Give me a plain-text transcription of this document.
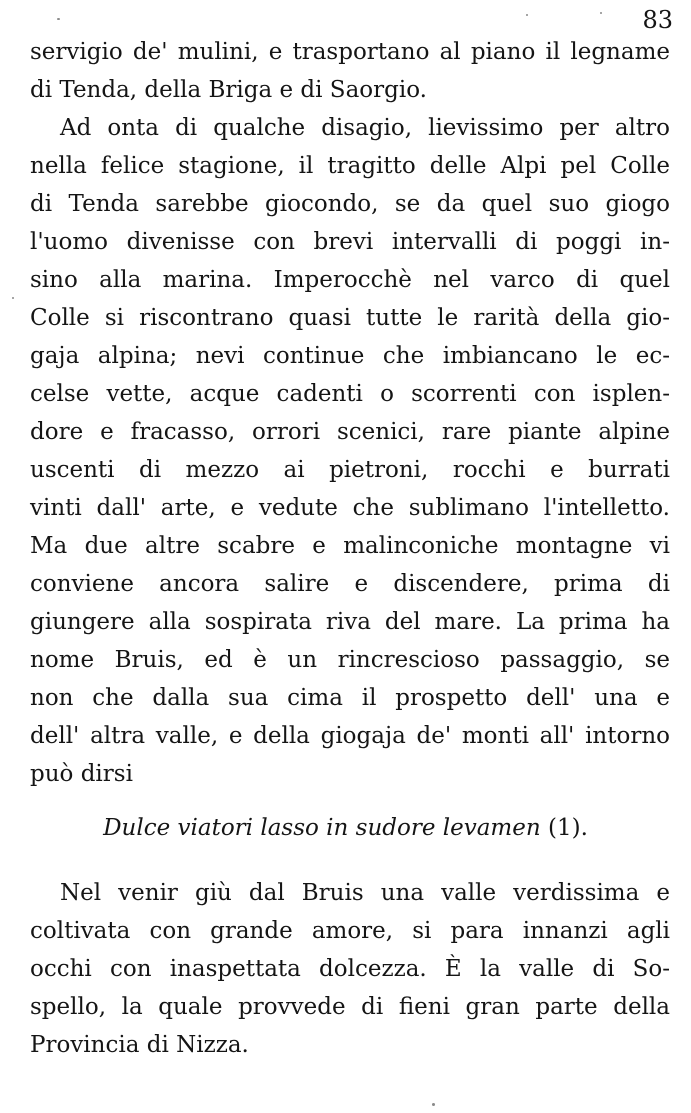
83
servigio de' mulini, e trasportano al piano il legname
di Tenda, della Briga e di Saorgio.
Ad onta di qualche disagio, lievissimo per altro
nella felice stagione, il tragitto delle Alpi pel Colle
di Tenda sarebbe giocondo, se da quel suo giogo
l'uomo divenisse con brevi intervalli di poggi in-
sino alla marina. Imperocchè nel varco di quel
Colle si riscontrano quasi tutte le rarità della gio-
gaja alpina; nevi continue che imbiancano le ec-
celse vette, acque cadenti o scorrenti con isplen-
dore e fracasso, orrori scenici, rare piante alpine
uscenti di mezzo ai pietroni, rocchi e burrati
vinti dall' arte, e vedute che sublimano l'intelletto.
Ma due altre scabre e malinconiche montagne vi
conviene ancora salire e discendere, prima di
giungere alla sospirata riva del mare. La prima ha
nome Bruis, ed è un rincrescioso passaggio, se
non che dalla sua cima il prospetto dell' una e
dell' altra valle, e della giogaja de' monti all' intorno
può dirsi
Dulce viatori lasso in sudore levamen (1).
Nel venir giù dal Bruis una valle verdissima e
coltivata con grande amore, si para innanzi agli
occhi con inaspettata dolcezza. È la valle di So-
spello, la quale provvede di fieni gran parte della
Provincia di Nizza.
